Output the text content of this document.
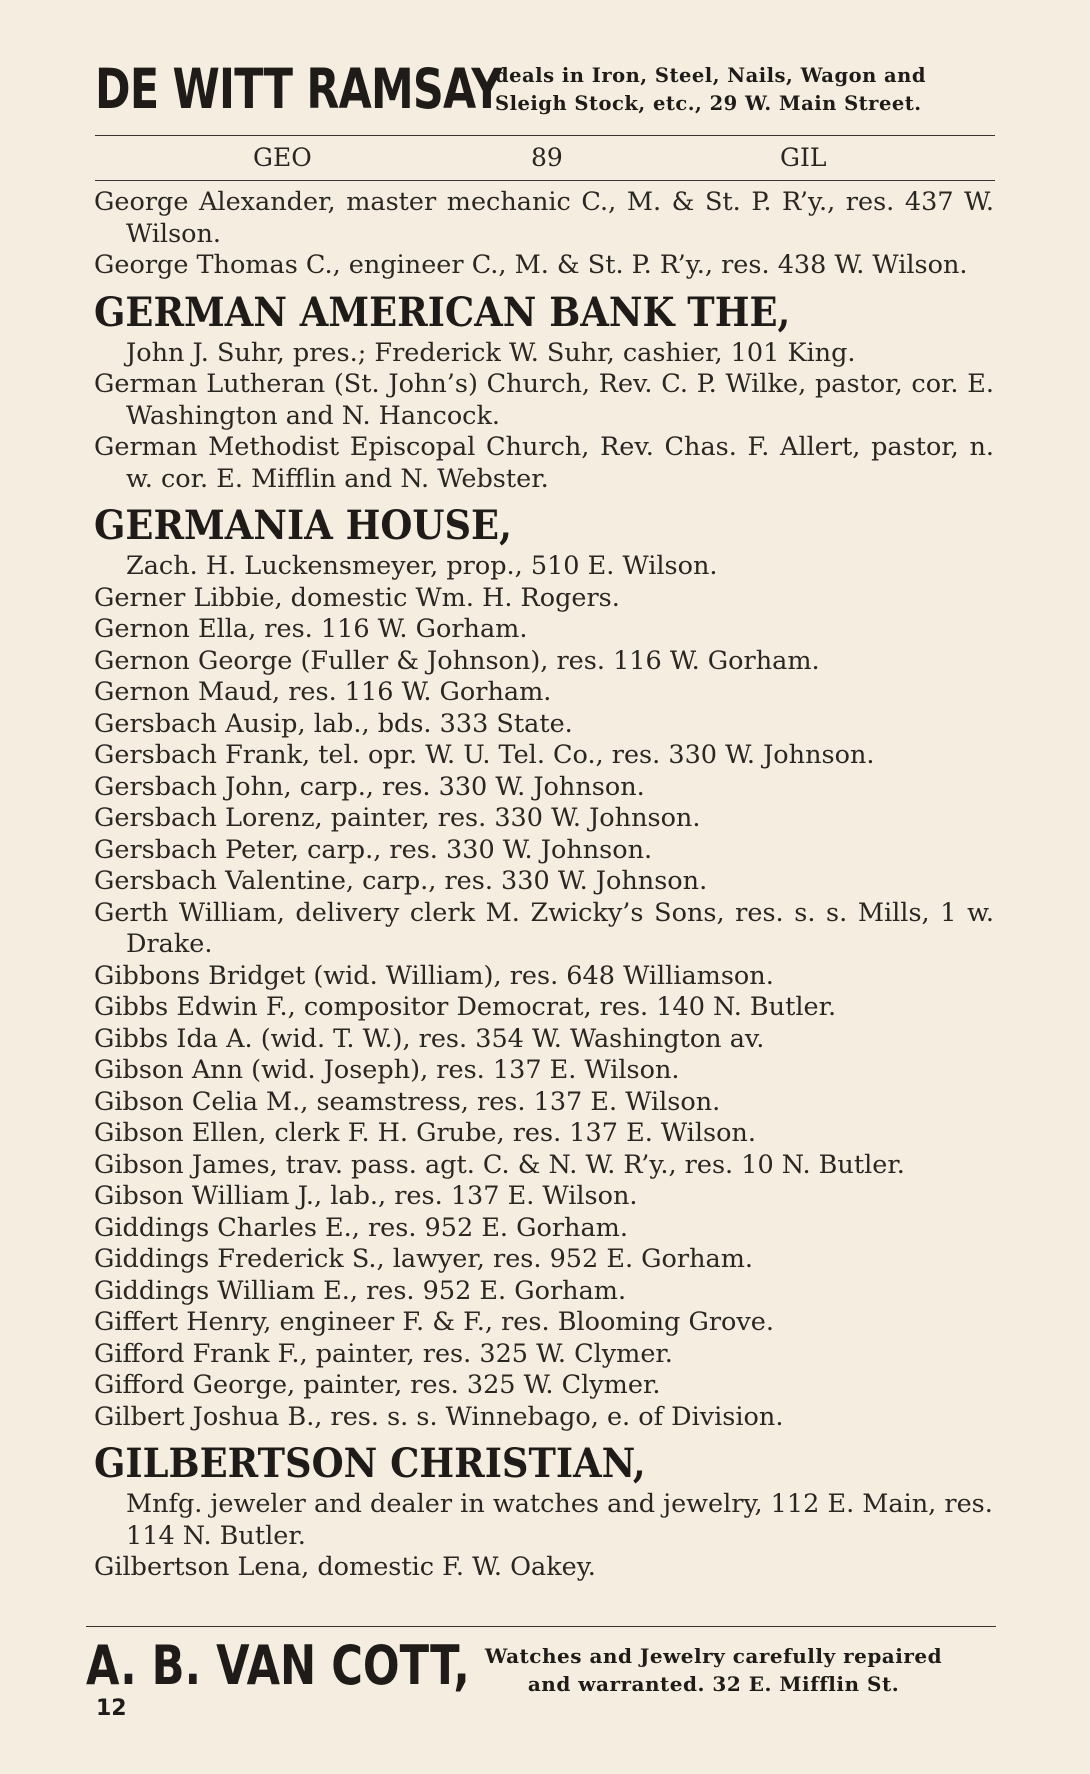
DE WITT RAMSAY
deals in Iron, Steel, Nails, Wagon and
Sleigh Stock, etc., 29 W. Main Street.
GEO	89	GIL
George Alexander, master mechanic C., M. & St. P. R’y., res. 437 W. Wilson.
George Thomas C., engineer C., M. & St. P. R’y., res. 438 W. Wilson.
GERMAN AMERICAN BANK THE,
John J. Suhr, pres.; Frederick W. Suhr, cashier, 101 King.
German Lutheran (St. John’s) Church, Rev. C. P. Wilke, pastor, cor. E. Washington and N. Hancock.
German Methodist Episcopal Church, Rev. Chas. F. Allert, pastor, n. w. cor. E. Mifflin and N. Webster.
GERMANIA HOUSE,
Zach. H. Luckensmeyer, prop., 510 E. Wilson.
Gerner Libbie, domestic Wm. H. Rogers.
Gernon Ella, res. 116 W. Gorham.
Gernon George (Fuller & Johnson), res. 116 W. Gorham.
Gernon Maud, res. 116 W. Gorham.
Gersbach Ausip, lab., bds. 333 State.
Gersbach Frank, tel. opr. W. U. Tel. Co., res. 330 W. Johnson.
Gersbach John, carp., res. 330 W. Johnson.
Gersbach Lorenz, painter, res. 330 W. Johnson.
Gersbach Peter, carp., res. 330 W. Johnson.
Gersbach Valentine, carp., res. 330 W. Johnson.
Gerth William, delivery clerk M. Zwicky’s Sons, res. s. s. Mills, 1 w. Drake.
Gibbons Bridget (wid. William), res. 648 Williamson.
Gibbs Edwin F., compositor Democrat, res. 140 N. Butler.
Gibbs Ida A. (wid. T. W.), res. 354 W. Washington av.
Gibson Ann (wid. Joseph), res. 137 E. Wilson.
Gibson Celia M., seamstress, res. 137 E. Wilson.
Gibson Ellen, clerk F. H. Grube, res. 137 E. Wilson.
Gibson James, trav. pass. agt. C. & N. W. R’y., res. 10 N. Butler.
Gibson William J., lab., res. 137 E. Wilson.
Giddings Charles E., res. 952 E. Gorham.
Giddings Frederick S., lawyer, res. 952 E. Gorham.
Giddings William E., res. 952 E. Gorham.
Giffert Henry, engineer F. & F., res. Blooming Grove.
Gifford Frank F., painter, res. 325 W. Clymer.
Gifford George, painter, res. 325 W. Clymer.
Gilbert Joshua B., res. s. s. Winnebago, e. of Division.
GILBERTSON CHRISTIAN,
Mnfg. jeweler and dealer in watches and jewelry, 112 E. Main, res. 114 N. Butler.
Gilbertson Lena, domestic F. W. Oakey.
A. B. VAN COTT, Watches and Jewelry carefully repaired
and warranted. 32 E. Mifflin St.
12
